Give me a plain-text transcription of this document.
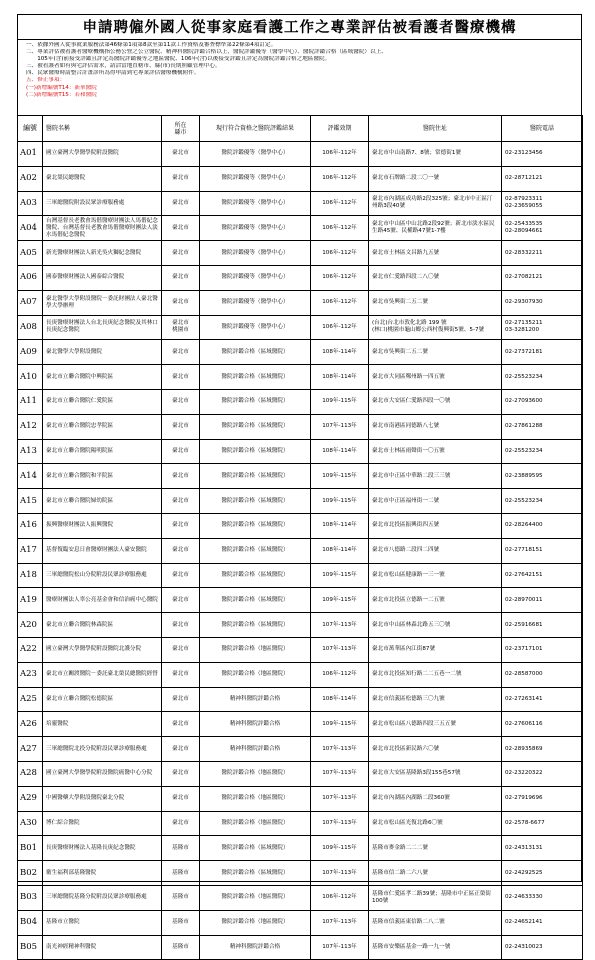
申請聘僱外國人從事家庭看護工作之專業評估被看護者醫療機構
一、依據外國人從事就業服務法第46條第1項第8款至第11款工作資格及審查標準第22條第4項訂定。
二、專業評估被看護者醫療機構指公務公營之公立醫院、精神科醫院評鑑合格以上，醫院評鑑優等（醫學中心）、醫院評鑑合格（區域醫院）以上、
　　105年(含)前接受評鑑且評定為醫院評鑑優等之地區醫院、106年(含)以後接受評鑑且評定為醫院評鑑合格之地區醫院。
三、被看護者如有與宅評估需求，請洽當地直轄市、縣(市)長期照顧管理中心。
四、民眾醫療時請整合計畫診所為得申請到宅專業評估醫療機構附件。
五、修正事項：
(一)新增編號T14：新華醫院
(二)新增編號T15：若和醫院
編號	醫院名稱	所在
縣市	現行符合資格之醫院評鑑結果	評鑑效期	醫院住址	醫院電話
A01	國立臺灣大學醫學院附設醫院	臺北市	醫院評鑑優等（醫學中心）	106年-112年	臺北市中山南路7、8號；常德街1號	02-23123456
A02	臺北榮民總醫院	臺北市	醫院評鑑優等（醫學中心）	106年-112年	臺北市石牌路二段二〇一號	02-28712121
A03	三軍總醫院附設民眾診療服務處	臺北市	醫院評鑑優等（醫學中心）	106年-112年	臺北市內湖區成功路2段325號；臺北市中正區汀州路3段40號	02-87923311
02-23659055
A04	台灣基督長老教會馬偕醫療財團法人馬偕紀念醫院、台灣基督長老教會馬偕醫療財團法人淡水馬偕紀念醫院	臺北市	醫院評鑑優等（醫學中心）	106年-112年	臺北市中山區中山北路2段92號；新北市淡水區民生路45號、民權路47號1-7樓	02-25433535
02-28094661
A05	新光醫療財團法人新光吳火獅紀念醫院	臺北市	醫院評鑑優等（醫學中心）	106年-112年	臺北市士林區文昌路九五號	02-28332211
A06	國泰醫療財團法人國泰綜合醫院	臺北市	醫院評鑑優等（醫學中心）	106年-112年	臺北市仁愛路四段二八〇號	02-27082121
A07	臺北醫學大學附設醫院－委託財團法人臺北醫學大學辦理	臺北市	醫院評鑑優等（醫學中心）	106年-112年	臺北市吳興街二五二號	02-29307930
A08	長庚醫療財團法人台北長庚紀念醫院及其林口長庚紀念醫院	臺北市
桃園市	醫院評鑑優等（醫學中心）	106年-112年	(台北)台北市敦化北路 199 號
(林口)桃園市龜山鄉公西村復興街5號、5-7號	02-27135211
03-3281200
A09	臺北醫學大學附設醫院	臺北市	醫院評鑑合格（區域醫院）	108年-114年	臺北市吳興街二五二號	02-27372181
A10	臺北市立聯合醫院中興院區	臺北市	醫院評鑑合格（區域醫院）	108年-114年	臺北市大同區鄭州路一四五號	02-25523234
A11	臺北市立聯合醫院仁愛院區	臺北市	醫院評鑑合格（區域醫院）	109年-115年	臺北市大安區仁愛路四段一〇號	02-27093600
A12	臺北市立聯合醫院忠孝院區	臺北市	醫院評鑑合格（區域醫院）	107年-113年	臺北市南港區同德路八七號	02-27861288
A13	臺北市立聯合醫院陽明院區	臺北市	醫院評鑑合格（區域醫院）	108年-114年	臺北市士林區雨聲街一〇五號	02-25523234
A14	臺北市立聯合醫院和平院區	臺北市	醫院評鑑合格（區域醫院）	109年-115年	臺北市中正區中華路二段三三號	02-23889595
A15	臺北市立聯合醫院婦幼院區	臺北市	醫院評鑑合格（區域醫院）	109年-115年	臺北市中正區福州街一二號	02-25523234
A16	振興醫療財團法人振興醫院	臺北市	醫院評鑑合格（區域醫院）	108年-114年	臺北市北投區振興街四五號	02-28264400
A17	基督復臨安息日會醫療財團法人臺安醫院	臺北市	醫院評鑑合格（區域醫院）	108年-114年	臺北市八德路二段四二四號	02-27718151
A18	三軍總醫院松山分院附設民眾診療服務處	臺北市	醫院評鑑合格（區域醫院）	109年-115年	臺北市松山區健康路一三一號	02-27642151
A19	醫療財團法人辜公亮基金會和信治癌中心醫院	臺北市	醫院評鑑合格（區域醫院）	109年-115年	臺北市北投區立德路一二五號	02-28970011
A20	臺北市立聯合醫院林森院區	臺北市	醫院評鑑合格（區域醫院）	107年-113年	臺北市中山區林森北路五三〇號	02-25916681
A22	國立臺灣大學醫學院附設醫院北護分院	臺北市	醫院評鑑合格（地區醫院）	107年-113年	臺北市萬華區內江街87號	02-23717101
A23	臺北市立關渡醫院－委託臺北榮民總醫院經營	臺北市	醫院評鑑合格（地區醫院）	106年-112年	臺北市北投區知行路二二五巷一二號	02-28587000
A25	臺北市立聯合醫院松德院區	臺北市	精神科醫院評鑑合格	108年-114年	臺北市信義區松德路三〇九號	02-27263141
A26	培靈醫院	臺北市	精神科醫院評鑑合格	109年-115年	臺北市松山區八德路四段三五五號	02-27606116
A27	三軍總醫院北投分院附設民眾診療服務處	臺北市	精神科醫院評鑑合格	107年-113年	臺北市北投區新民路六〇號	02-28935869
A28	國立臺灣大學醫學院附設醫院癌醫中心分院	臺北市	醫院評鑑合格（地區醫院）	107年-113年	臺北市大安區基隆路3段155巷57號	02-23220322
A29	中國醫藥大學附設醫院臺北分院	臺北市	醫院評鑑合格（地區醫院）	107年-113年	臺北市內湖區內湖路二段360號	02-27919696
A30	博仁綜合醫院	臺北市	醫院評鑑合格（地區醫院）	107年-113年	臺北市松山區光復北路6〇號	02-2578-6677
B01	長庚醫療財團法人基隆長庚紀念醫院	基隆市	醫院評鑑合格（區域醫院）	109年-115年	基隆市麥金路二二二號	02-24313131
B02	衛生福利部基隆醫院	基隆市	醫院評鑑合格（區域醫院）	107年-113年	基隆市信二路二六八號	02-24292525
B03	三軍總醫院基隆分院附設民眾診療服務處	基隆市	醫院評鑑合格（地區醫院）	106年-112年	基隆市仁愛區孝二路39號；基隆市中正區正榮街100號	02-24633330
B04	基隆市立醫院	基隆市	醫院評鑑合格（地區醫院）	107年-113年	基隆市信義區東信路二八二號	02-24652141
B05	南光神經精神科醫院	基隆市	精神科醫院評鑑合格	107年-113年	基隆市安樂區基金一路一九一號	02-24310023
